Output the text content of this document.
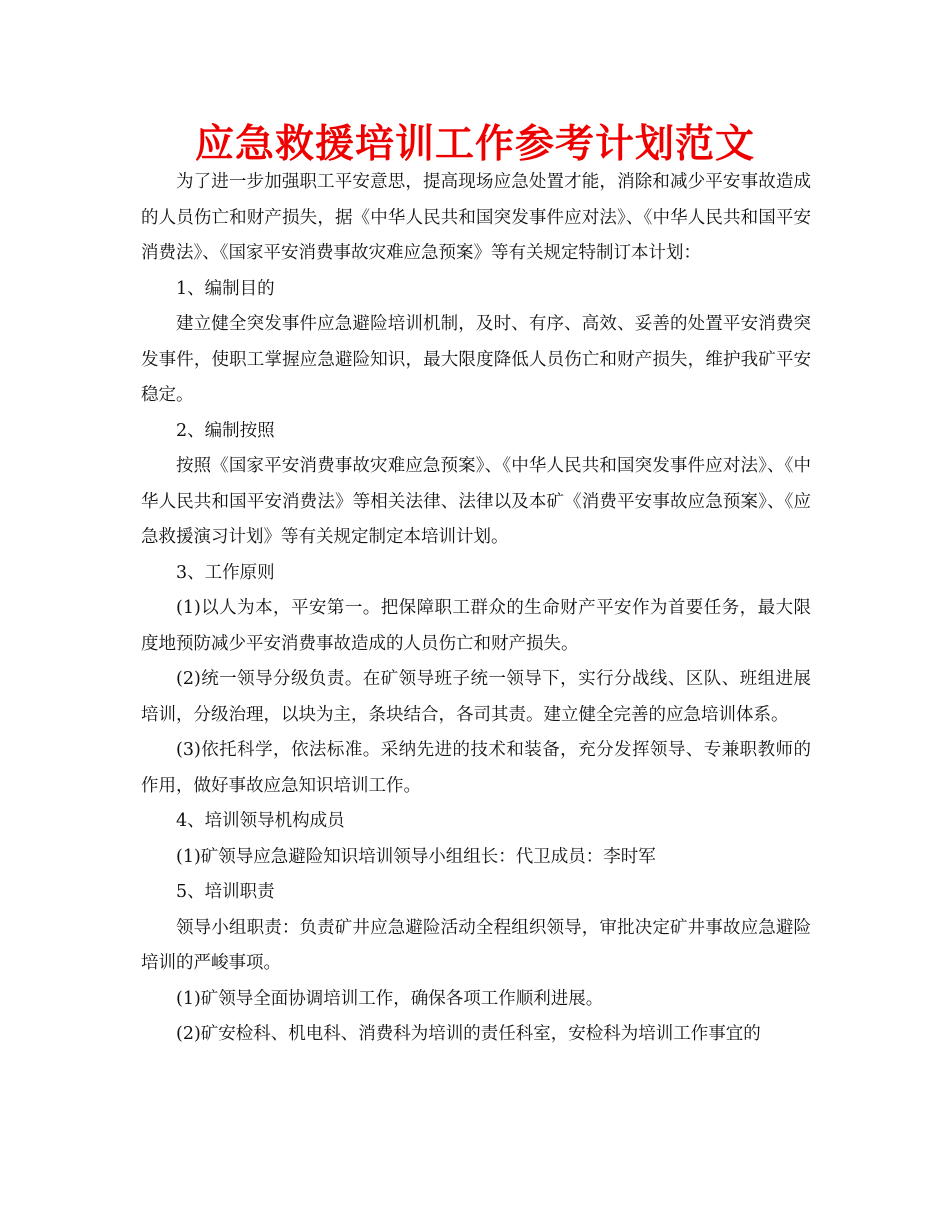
应急救援培训工作参考计划范文

为了进一步加强职工平安意思，提高现场应急处置才能，消除和减少平安事故造成的人员伤亡和财产损失，据《中华人民共和国突发事件应对法》、《中华人民共和国平安消费法》、《国家平安消费事故灾难应急预案》等有关规定特制订本计划：

1、编制目的

建立健全突发事件应急避险培训机制，及时、有序、高效、妥善的处置平安消费突发事件，使职工掌握应急避险知识，最大限度降低人员伤亡和财产损失，维护我矿平安稳定。

2、编制按照

按照《国家平安消费事故灾难应急预案》、《中华人民共和国突发事件应对法》、《中华人民共和国平安消费法》等相关法律、法律以及本矿《消费平安事故应急预案》、《应急救援演习计划》等有关规定制定本培训计划。

3、工作原则

(1)以人为本，平安第一。把保障职工群众的生命财产平安作为首要任务，最大限度地预防减少平安消费事故造成的人员伤亡和财产损失。

(2)统一领导分级负责。在矿领导班子统一领导下，实行分战线、区队、班组进展培训，分级治理，以块为主，条块结合，各司其责。建立健全完善的应急培训体系。

(3)依托科学，依法标准。采纳先进的技术和装备，充分发挥领导、专兼职教师的作用，做好事故应急知识培训工作。

4、培训领导机构成员

(1)矿领导应急避险知识培训领导小组组长：代卫成员：李时军

5、培训职责

领导小组职责：负责矿井应急避险活动全程组织领导，审批决定矿井事故应急避险培训的严峻事项。

(1)矿领导全面协调培训工作，确保各项工作顺利进展。

(2)矿安检科、机电科、消费科为培训的责任科室，安检科为培训工作事宜的
